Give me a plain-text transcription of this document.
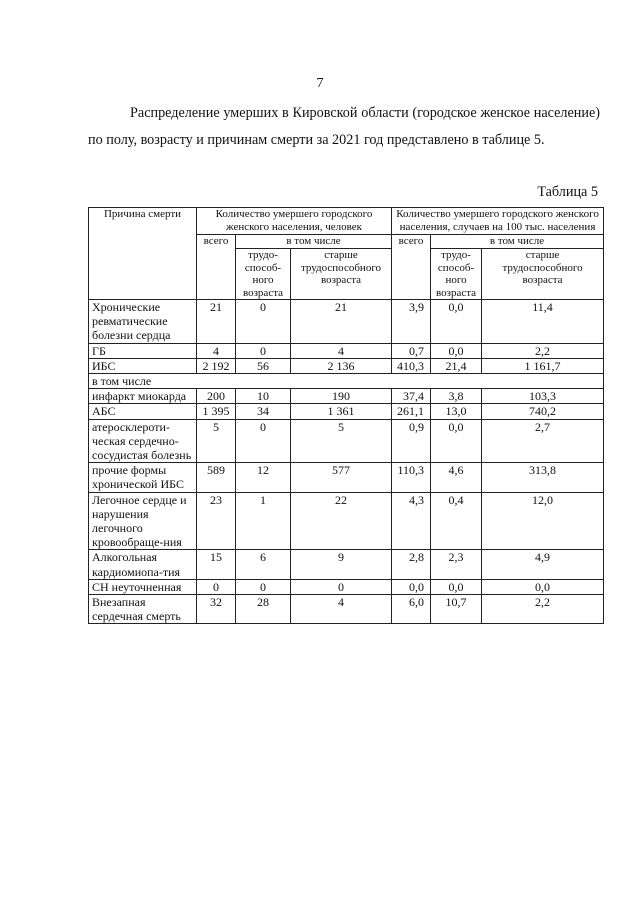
7

Распределение умерших в Кировской области (городское женское население) по полу, возрасту и причинам смерти за 2021 год представлено в таблице 5.

Таблица 5
Причина смерти	Количество умершего городского женского населения, человек			Количество умершего городского женского населения, случаев на 100 тыс. населения		
	всего	в том числе		всего	в том числе	
		трудо-способ-ного возраста	старше трудоспособного возраста		трудо-способ-ного возраста	старше трудоспособного возраста
Хронические ревматические болезни сердца	21	0	21	3,9	0,0	11,4
ГБ	4	0	4	0,7	0,0	2,2
ИБС	2 192	56	2 136	410,3	21,4	1 161,7
в том числе						
инфаркт миокарда	200	10	190	37,4	3,8	103,3
АБС	1 395	34	1 361	261,1	13,0	740,2
атеросклероти-ческая сердечно-сосудистая болезнь	5	0	5	0,9	0,0	2,7
прочие формы хронической ИБС	589	12	577	110,3	4,6	313,8
Легочное сердце и нарушения легочного кровообраще-ния	23	1	22	4,3	0,4	12,0
Алкогольная кардиомиопа-тия	15	6	9	2,8	2,3	4,9
СН неуточненная	0	0	0	0,0	0,0	0,0
Внезапная сердечная смерть	32	28	4	6,0	10,7	2,2
